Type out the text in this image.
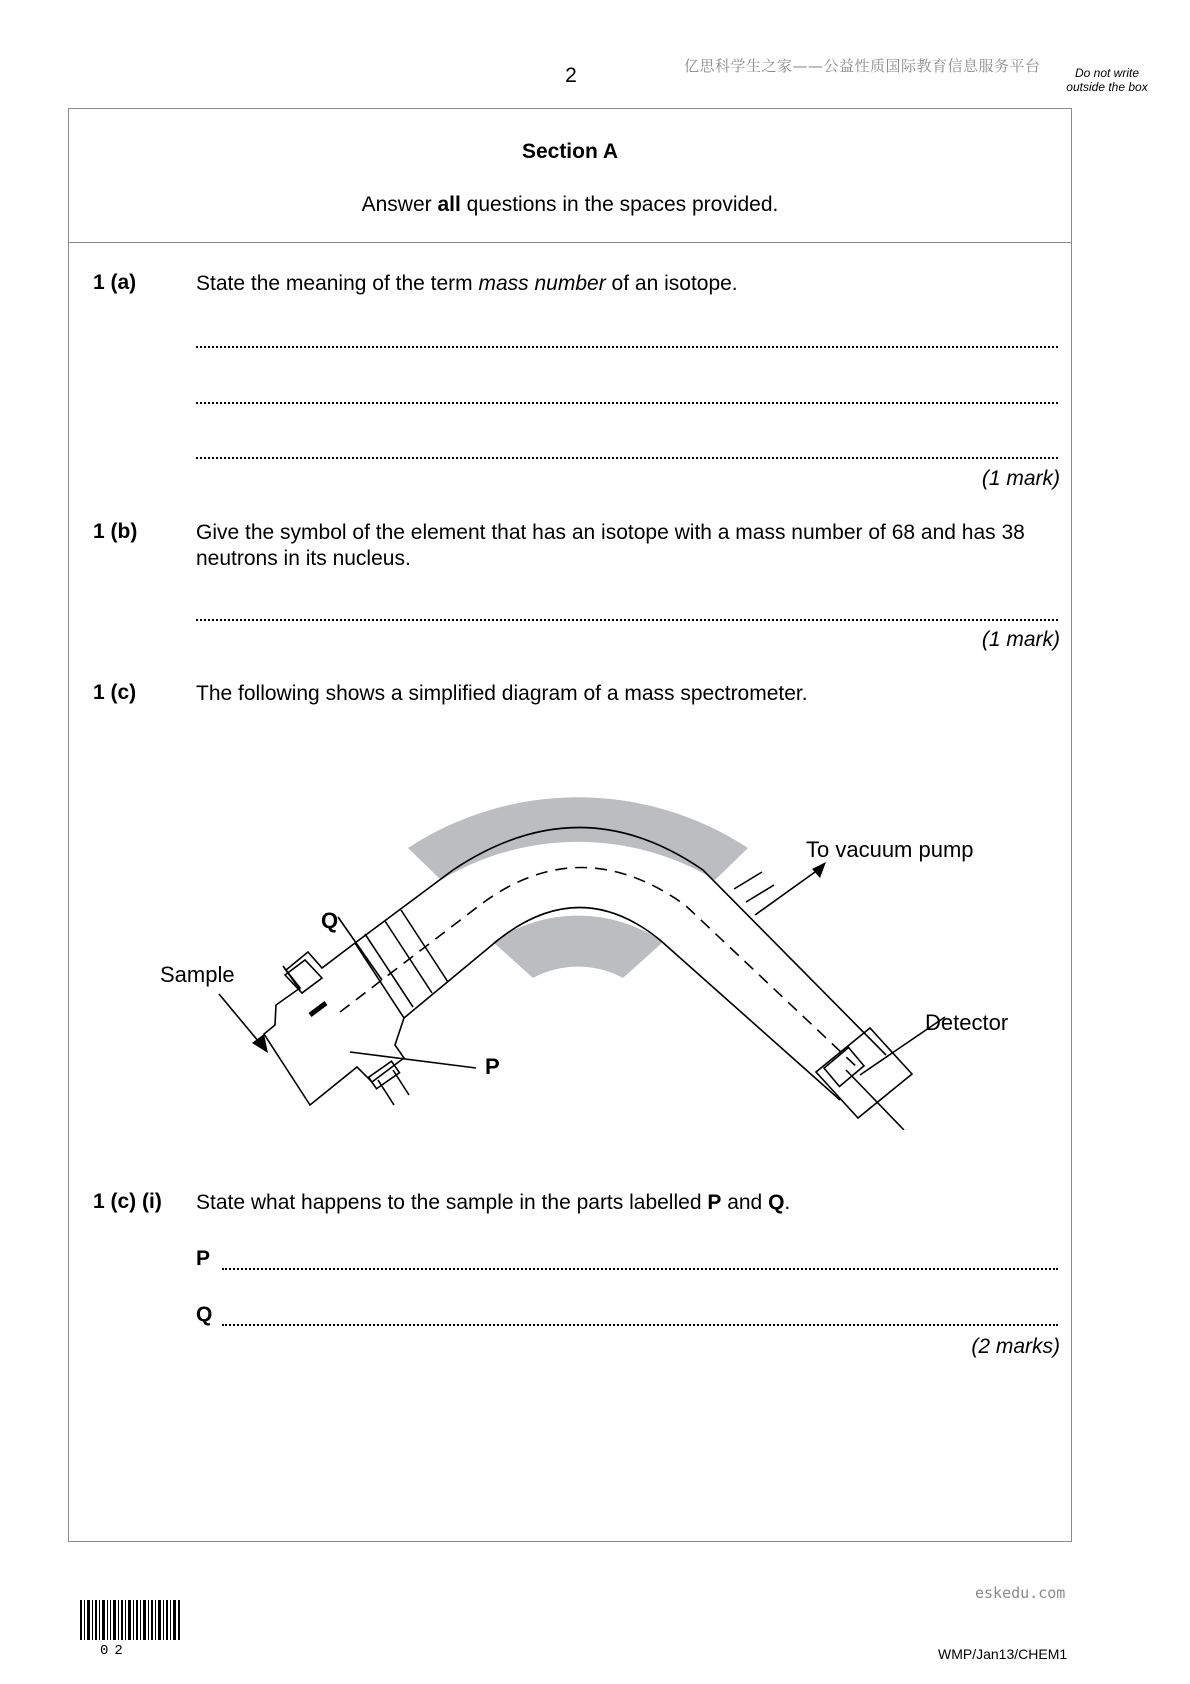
2	亿思科学生之家——公益性质国际教育信息服务平台	Do not write outside the box
Section A
Answer all questions in the spaces provided.
1 (a)	State the meaning of the term mass number of an isotope.
(1 mark)
1 (b)	Give the symbol of the element that has an isotope with a mass number of 68 and has 38 neutrons in its nucleus.
(1 mark)
1 (c)	The following shows a simplified diagram of a mass spectrometer.
To vacuum pump
Q
Sample
Detector
P
1 (c) (i) State what happens to the sample in the parts labelled P and Q.
P
Q
(2 marks)
eskedu.com
02	WMP/Jan13/CHEM1
